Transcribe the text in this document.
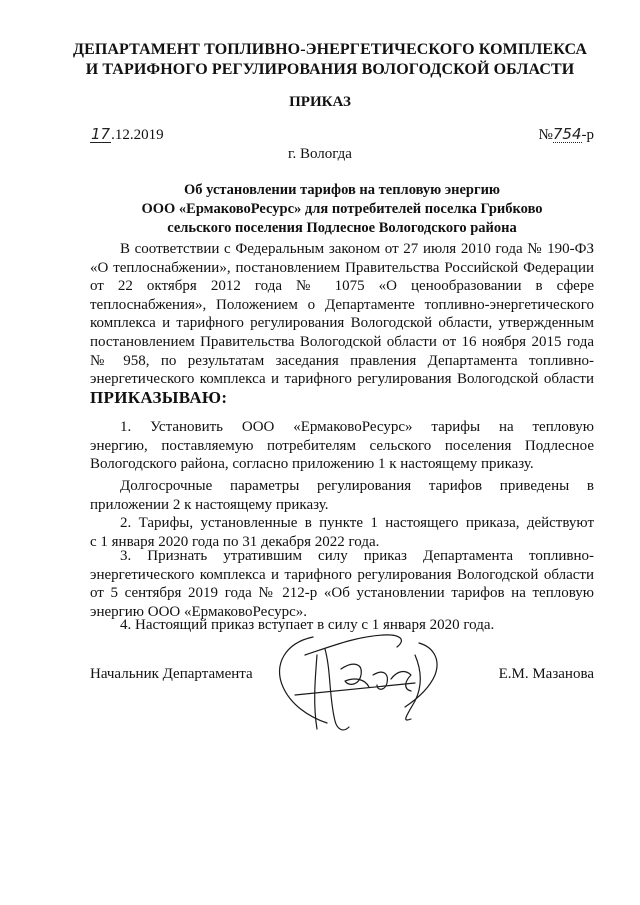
ДЕПАРТАМЕНТ ТОПЛИВНО-ЭНЕРГЕТИЧЕСКОГО КОМПЛЕКСА
И ТАРИФНОГО РЕГУЛИРОВАНИЯ ВОЛОГОДСКОЙ ОБЛАСТИ
ПРИКАЗ
17.12.2019	№754-р
г. Вологда
Об установлении тарифов на тепловую энергию
ООО «ЕрмаковоРесурс» для потребителей поселка Грибково
сельского поселения Подлесное Вологодского района
В соответствии с Федеральным законом от 27 июля 2010 года № 190-ФЗ
«О теплоснабжении», постановлением Правительства Российской Федерации
от 22 октября 2012 года № 1075 «О ценообразовании в сфере
теплоснабжения», Положением о Департаменте топливно-энергетического
комплекса и тарифного регулирования Вологодской области, утвержденным
постановлением Правительства Вологодской области от 16 ноября 2015 года
№ 958, по результатам заседания правления Департамента топливно-
энергетического комплекса и тарифного регулирования Вологодской области
ПРИКАЗЫВАЮ:
1. Установить ООО «ЕрмаковоРесурс» тарифы на тепловую
энергию, поставляемую потребителям сельского поселения Подлесное
Вологодского района, согласно приложению 1 к настоящему приказу.
Долгосрочные параметры регулирования тарифов приведены в
приложении 2 к настоящему приказу.
2. Тарифы, установленные в пункте 1 настоящего приказа, действуют
с 1 января 2020 года по 31 декабря 2022 года.
3. Признать утратившим силу приказ Департамента топливно-
энергетического комплекса и тарифного регулирования Вологодской области
от 5 сентября 2019 года № 212-р «Об установлении тарифов на тепловую
энергию ООО «ЕрмаковоРесурс».
4. Настоящий приказ вступает в силу с 1 января 2020 года.
Начальник Департамента	Е.М. Мазанова
